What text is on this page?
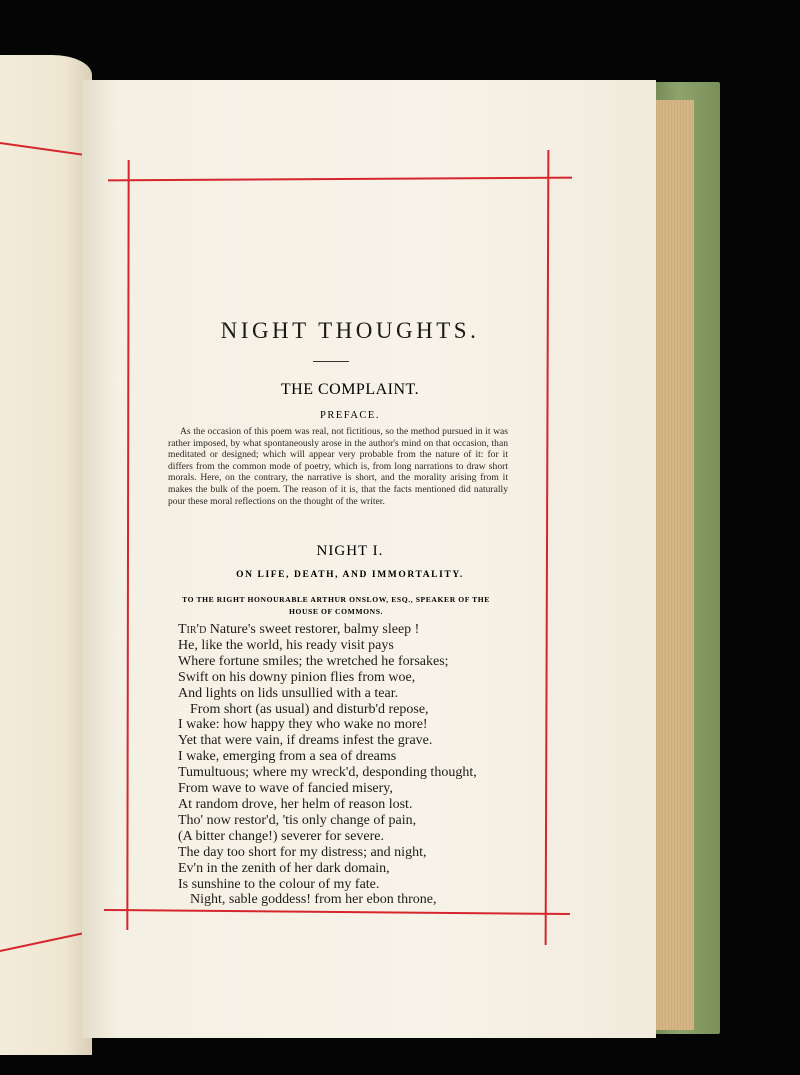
NIGHT THOUGHTS.
THE COMPLAINT.
PREFACE.

As the occasion of this poem was real, not fictitious, so the method pursued in it was rather imposed, by what spontaneously arose in the author's mind on that occasion, than meditated or designed; which will appear very probable from the nature of it: for it differs from the common mode of poetry, which is, from long narrations to draw short morals. Here, on the contrary, the narrative is short, and the morality arising from it makes the bulk of the poem. The reason of it is, that the facts mentioned did naturally pour these moral reflections on the thought of the writer.

NIGHT I.
ON LIFE, DEATH, AND IMMORTALITY.
TO THE RIGHT HONOURABLE ARTHUR ONSLOW, ESQ., SPEAKER OF THE
HOUSE OF COMMONS.
Tir'd Nature's sweet restorer, balmy sleep !
He, like the world, his ready visit pays
Where fortune smiles; the wretched he forsakes;
Swift on his downy pinion flies from woe,
And lights on lids unsullied with a tear.
From short (as usual) and disturb'd repose,
I wake: how happy they who wake no more!
Yet that were vain, if dreams infest the grave.
I wake, emerging from a sea of dreams
Tumultuous; where my wreck'd, desponding thought,
From wave to wave of fancied misery,
At random drove, her helm of reason lost.
Tho' now restor'd, 'tis only change of pain,
(A bitter change!) severer for severe.
The day too short for my distress; and night,
Ev'n in the zenith of her dark domain,
Is sunshine to the colour of my fate.
Night, sable goddess! from her ebon throne,
